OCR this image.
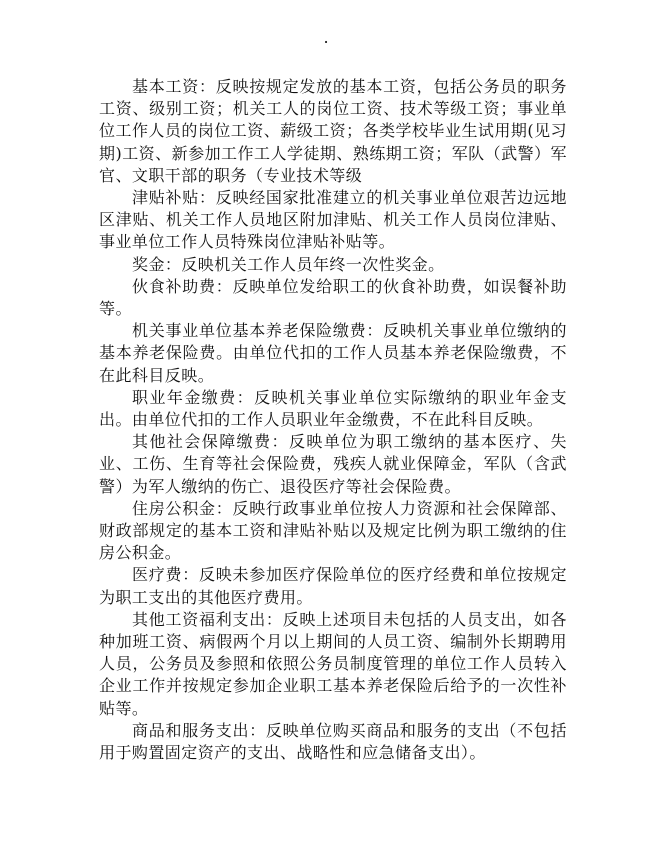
.

基本工资：反映按规定发放的基本工资，包括公务员的职务工资、级别工资；机关工人的岗位工资、技术等级工资；事业单位工作人员的岗位工资、薪级工资；各类学校毕业生试用期(见习期)工资、新参加工作工人学徒期、熟练期工资；军队（武警）军官、文职干部的职务（专业技术等级

津贴补贴：反映经国家批准建立的机关事业单位艰苦边远地区津贴、机关工作人员地区附加津贴、机关工作人员岗位津贴、事业单位工作人员特殊岗位津贴补贴等。

奖金：反映机关工作人员年终一次性奖金。

伙食补助费：反映单位发给职工的伙食补助费，如误餐补助等。

机关事业单位基本养老保险缴费：反映机关事业单位缴纳的基本养老保险费。由单位代扣的工作人员基本养老保险缴费，不在此科目反映。

职业年金缴费：反映机关事业单位实际缴纳的职业年金支出。由单位代扣的工作人员职业年金缴费，不在此科目反映。

其他社会保障缴费：反映单位为职工缴纳的基本医疗、失业、工伤、生育等社会保险费，残疾人就业保障金，军队（含武警）为军人缴纳的伤亡、退役医疗等社会保险费。

住房公积金：反映行政事业单位按人力资源和社会保障部、财政部规定的基本工资和津贴补贴以及规定比例为职工缴纳的住房公积金。

医疗费：反映未参加医疗保险单位的医疗经费和单位按规定为职工支出的其他医疗费用。

其他工资福利支出：反映上述项目未包括的人员支出，如各种加班工资、病假两个月以上期间的人员工资、编制外长期聘用人员，公务员及参照和依照公务员制度管理的单位工作人员转入企业工作并按规定参加企业职工基本养老保险后给予的一次性补贴等。

商品和服务支出：反映单位购买商品和服务的支出（不包括用于购置固定资产的支出、战略性和应急储备支出）。
